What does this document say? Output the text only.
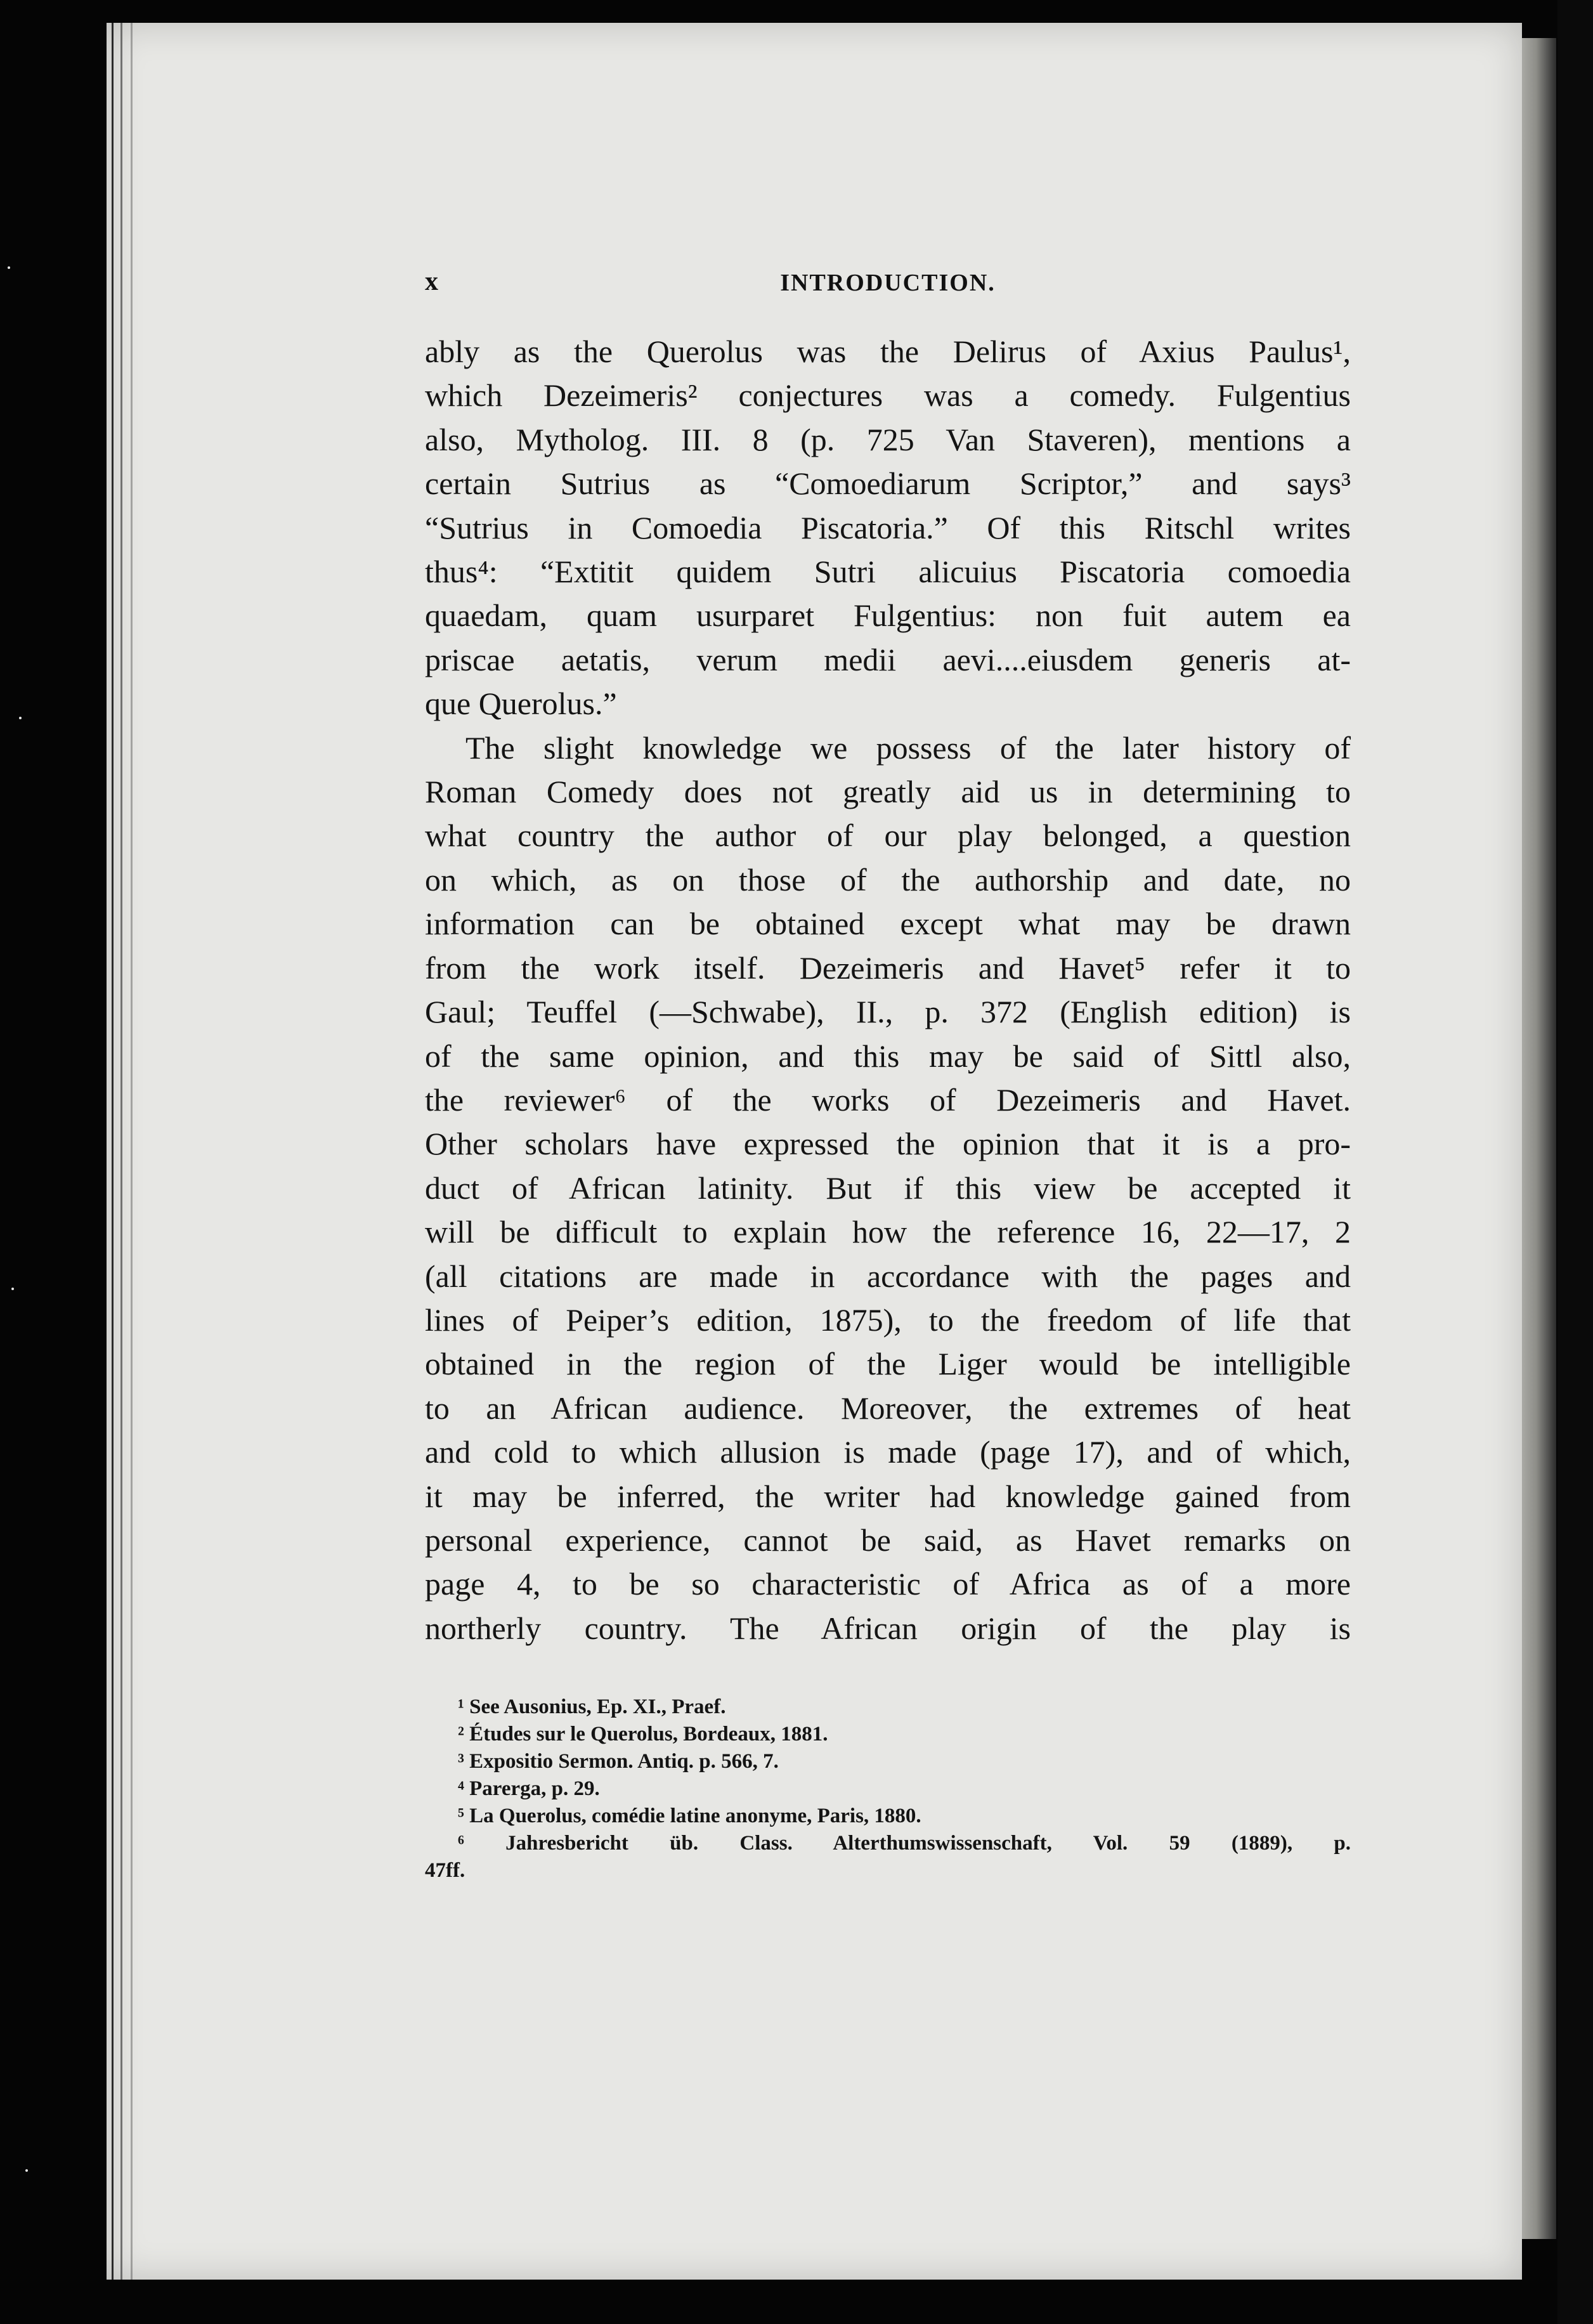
x	INTRODUCTION.
ably as the Querolus was the Delirus of Axius Paulus¹,
which Dezeimeris² conjectures was a comedy. Fulgentius
also, Mytholog. III. 8 (p. 725 Van Staveren), mentions a
certain Sutrius as “Comoediarum Scriptor,” and says³
“Sutrius in Comoedia Piscatoria.” Of this Ritschl writes
thus⁴: “Extitit quidem Sutri alicuius Piscatoria comoedia
quaedam, quam usurparet Fulgentius: non fuit autem ea
priscae aetatis, verum medii aevi....eiusdem generis at-
que Querolus.”
The slight knowledge we possess of the later history of
Roman Comedy does not greatly aid us in determining to
what country the author of our play belonged, a question
on which, as on those of the authorship and date, no
information can be obtained except what may be drawn
from the work itself. Dezeimeris and Havet⁵ refer it to
Gaul; Teuffel (—Schwabe), II., p. 372 (English edition) is
of the same opinion, and this may be said of Sittl also,
the reviewer⁶ of the works of Dezeimeris and Havet.
Other scholars have expressed the opinion that it is a pro-
duct of African latinity. But if this view be accepted it
will be difficult to explain how the reference 16, 22—17, 2
(all citations are made in accordance with the pages and
lines of Peiper’s edition, 1875), to the freedom of life that
obtained in the region of the Liger would be intelligible
to an African audience. Moreover, the extremes of heat
and cold to which allusion is made (page 17), and of which,
it may be inferred, the writer had knowledge gained from
personal experience, cannot be said, as Havet remarks on
page 4, to be so characteristic of Africa as of a more
northerly country. The African origin of the play is
¹ See Ausonius, Ep. XI., Praef.
² Études sur le Querolus, Bordeaux, 1881.
³ Expositio Sermon. Antiq. p. 566, 7.
⁴ Parerga, p. 29.
⁵ La Querolus, comédie latine anonyme, Paris, 1880.
⁶ Jahresbericht üb. Class. Alterthumswissenschaft, Vol. 59 (1889), p.
47ff.
